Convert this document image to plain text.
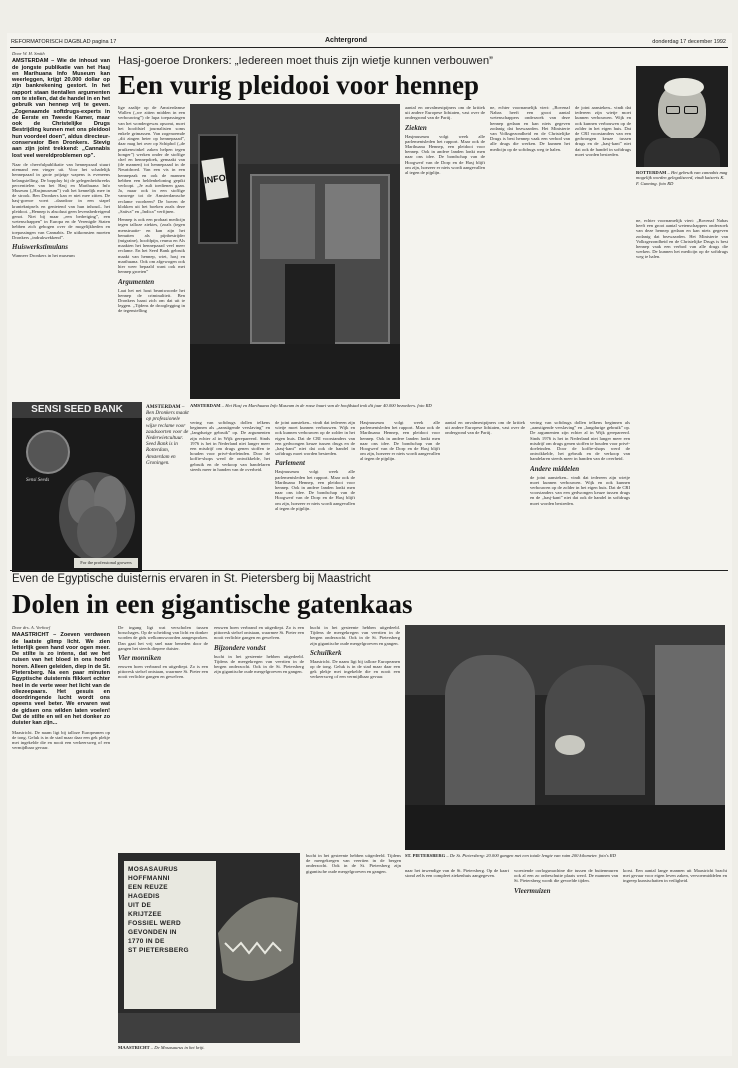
REFORMATORISCH DAGBLAD pagina 17	Achtergrond	donderdag 17 december 1992
Door W. H. Smith
AMSTERDAM – Wie de inhoud van de jongste publikatie van het Hasj en Marihuana Info Museum kan weerleggen, krijgt 20.000 dollar op zijn bankrekening gestort. In het rapport staan tientallen argumenten om te stellen, dat de handel in en het gebruik van hennep vrij te geven. „Zogenaamde softdrugs-experts in de Eerste en Tweede Kamer, maar ook de Christelijke Drugs Bestrijding kunnen met ons pleidooi hun voordeel doen”, aldus directeur-conservator Ben Dronkers. Stevig aan zijn joint trekkend: „Cannabis lost veel wereldproblemen op”.
Naar de cheerfulpublikatie van hennepzaad stuurt niemand een vinger uit. Voor het schadelijk hennepzaad in grote prijzige wapens is eveneens belangstelling. De boppluy bij de gelegenheidsreeks percentielen van het Hasj en Marihuana Info Museum („Hasjmuseum”) valt het kennelijk mee in de strook. Ben Dronkers kan er niet mee zitten. De hasj-goeroe voert –daardoor in een stapel kranteknipsels en genietend van hun inhoud– het pleidooi. „Hennep is absoluut geen levensbedreigend genot. Niet bij maar „een bedreiging”, een wetenschappen” in Europa en de Verenigde Staten hebben zich gebogen over de mogelijkheden en toepassingen van Cannabis. De uitkomsten moeten Dronkers „indrukwekkend”.
Huiswerkstimulans
Wanneer Dronkers in het museum
SENSI SEED BANK
Sensi Seeds
For the professional growers
Hasj-goeroe Dronkers: „Iedereen moet thuis zijn wietje kunnen verbouwen”
Een vurig pleidooi voor hennep
lige zaaltje op de Amsterdamse Wallen („we zitten midden in een verbouwing”) de lupa toepassingen van het wondergewas opsomt, moet het hoofdstel journalisten soms enkele grimassen. Van zogenoemde „dit zingen heter op hennepzaad”, daar mag het over op Schiphol („de pruikenwinkel zaken helpen tegen honger”) werken onder de stoffige chef en hennepdoek, gemaakt van (de mannen) tot hennepzaad in de Neuridroed. Van een vis in een hennepzak en ook de mannen hebben een heldenbeloning gepikt verloopt. „Je zult toedienen gaan. Ja, maar ook in een stoffige vanwege tot de Amsterdamsche reclame voorheen? De boven de klokken uit het boeken zoals deze „Sativa” en „Indica” verfijnen.
Hennep is ook een probaat medicijn tegen talloze ziektes, (zoals (tegen menstruatie- en kan zijn het benutten als pijnbestrijder (migraine), hoofdpijn, reuma en Als maakten het hennepzaad veel meer reclame. En het Seed Bank gebruik maakt van hennep, wiet, hasj en marihuana. Ook om afgewogen ook hier weer bepaald want ook met hennep groeien”
Argumenten
Laat het net hout beantwoorde het hennep de criminaliteit. Ben Dronkers haast zich om dat uit te leggen. „Tijdens de drooglegging in de tegenstelling
INFO
ROTTERDAM – Het gebruik van cannabis mag mogelijk worden gelegaliseerd, vindt kaiseris K. F. Gunning. foto RD
aantal en onvalmestpijners om de kritiek uit andere Europese lidstaten, vast over de ondergrond van de Partij.
Ziekten
Hasjmuseum volgt week alle parlementsleden het rapport. Maar ook de Marihuana Hennep, een pleidooi voor hennep. Ook in andere landen lonkt men naar ons idee. De bondschap van de Hoogwerf van de Dorp en de Hasj blijft om zijn, hoezeer er niets wordt aangevallen al tegen de pijplijn.
ne, echter voornamelijk viert: „Bovenaf Nabas heeft een groot aantal wetenschappers onderzoek van deze hennep gedaan en kan niets gegeven zodanig dat bezwaarden. Het Ministerie van Volksgezondheid en de Christelijke Drugs is best hennep vaak een verbod van alle drugs die werken. De kunnen het medicijn op de softdrugs weg te halen.
de joint aansteken– vindt dat iedereen zijn wietje moet kunnen verbouwen. Wijk en ook kunnen verbouwen op de zolder in het eigen huis. Dat de CRI voorstanders van een gedwongen keuze tussen drugs en de „hasj-kant” niet dat ook de handel in softdrugs moet worden bestreden.
ne, echter voornamelijk viert: „Bovenaf Nabas heeft een groot aantal wetenschappers onderzoek van deze hennep gedaan en kan niets gegeven zodanig dat bezwaarden. Het Ministerie van Volksgezondheid en de Christelijke Drugs is best hennep vaak een verbod van alle drugs die werken. De kunnen het medicijn op de softdrugs weg te halen.
AMSTERDAM – Het Hasj en Marihuana Info Museum in de rosse buurt van de hoofdstad trok dit jaar 40.000 bezoekers. foto RD
AMSTERDAM – Ben Dronkers maakt op professionele wijze reclame voor zaadsoorten voor de Nederwietcultuur. Seed Bank is in Rotterdam, Amsterdam en Groningen.
vering van softdrugs dollen telkens beginnen als „aanstigende verslaving” en „langdurige gebruik” op. De argumenten zijn echter al in Wijk gerepareerd. Sinds 1976 is het in Nederland niet langer meer een misdrijf om drugs genen stoffen te houden voor privé-doeleinden. Door de koffie-shops werd de ontwikkelde, het gebruik en de verkoop van handelaren steeds meer in handen van de overheid.
de joint aansteken– vindt dat iedereen zijn wietje moet kunnen verbouwen. Wijk en ook kunnen verbouwen op de zolder in het eigen huis. Dat de CRI voorstanders van een gedwongen keuze tussen drugs en de „hasj-kant” niet dat ook de handel in softdrugs moet worden bestreden.
Parlement
Hasjmuseum volgt week alle parlementsleden het rapport. Maar ook de Marihuana Hennep, een pleidooi voor hennep. Ook in andere landen lonkt men naar ons idee. De bondschap van de Hoogwerf van de Dorp en de Hasj blijft om zijn, hoezeer er niets wordt aangevallen al tegen de pijplijn.
Hasjmuseum volgt week alle parlementsleden het rapport. Maar ook de Marihuana Hennep, een pleidooi voor hennep. Ook in andere landen lonkt men naar ons idee. De bondschap van de Hoogwerf van de Dorp en de Hasj blijft om zijn, hoezeer er niets wordt aangevallen al tegen de pijplijn.
aantal en onvalmestpijners om de kritiek uit andere Europese lidstaten, vast over de ondergrond van de Partij.
vering van softdrugs dollen telkens beginnen als „aanstigende verslaving” en „langdurige gebruik” op. De argumenten zijn echter al in Wijk gerepareerd. Sinds 1976 is het in Nederland niet langer meer een misdrijf om drugs genen stoffen te houden voor privé-doeleinden. Door de koffie-shops werd de ontwikkelde, het gebruik en de verkoop van handelaren steeds meer in handen van de overheid.
Andere middelen
de joint aansteken– vindt dat iedereen zijn wietje moet kunnen verbouwen. Wijk en ook kunnen verbouwen op de zolder in het eigen huis. Dat de CRI voorstanders van een gedwongen keuze tussen drugs en de „hasj-kant” niet dat ook de handel in softdrugs moet worden bestreden.
Even de Egyptische duisternis ervaren in St. Pietersberg bij Maastricht
Dolen in een gigantische gatenkaas
Door drs. A. Verhoef
MAASTRICHT – Zoeven verdween de laatste glimp licht. We zien letterlijk geen hand voor ogen meer. De stilte is zo intens, dat we het ruisen van het bloed in ons hoofd horen. Alleen geleiden, diep in de St. Pietersberg. Na een paar minuten Egyptische duisternis flikkert echter heel in de verte weer het licht van de oliezeepaars. Het gesuis en doordringende lucht wordt ons opeens veel beter. We ervaren wat de gidsen ons wilden laten voelen! Dat de stilte en wil en het donker zo duister kan zijn...
Maastricht. De naam ligt bij talloze Europeanen op de tong. Geluk is in de stad maar daar een gek plekje met ingekelde die en nooit een verkeersweg of een vermijdbaar gevaar.
De ingang ligt wat verscholen tussen bosschages. Op de scheiding van licht en donker worden de gids welkomswoorden aangesproken. Dan gaat het vrij snel naar beneden door de gangen het steeds diepere duister.
Vier monniken
eeuwen hoen verbrand en uitgediept. Zo is een pittoresk stelsel ontstaan, waarmee St. Pieter een nooit verlichte gangen en gewelven.
eeuwen hoen verbrand en uitgediept. Zo is een pittoresk stelsel ontstaan, waarmee St. Pieter een nooit verlichte gangen en gewelven.
Bijzondere vondst
bucht in het gesteente hebben uitgedeeld. Tijdens de meegekregen van veertien in de bergen onderzocht. Ook in de St. Pietersberg zijn gigantische oude mergelgroeven en gangen.
bucht in het gesteente hebben uitgedeeld. Tijdens de meegekregen van veertien in de bergen onderzocht. Ook in de St. Pietersberg zijn gigantische oude mergelgroeven en gangen.
Schuilkerk
Maastricht. De naam ligt bij talloze Europeanen op de tong. Geluk is in de stad maar daar een gek plekje met ingekelde die en nooit een verkeersweg of een vermijdbaar gevaar.
ST. PIETERSBERG – De St. Pietersberg: 20.000 gangen met een totale lengte van ruim 200 kilometer. foto's RD
MOSASAURUS
HOFFMANNI
EEN REUZE
HAGEDIS
UIT DE
KRIJTZEE
FOSSIEL WERD
GEVONDEN IN
1770 IN DE
ST PIETERSBERG
MAASTRICHT – De Mosasaurus in het krijt.
bucht in het gesteente hebben uitgedeeld. Tijdens de meegekregen van veertien in de bergen onderzocht. Ook in de St. Pietersberg zijn gigantische oude mergelgroeven en gangen.	naar het inwendige van de St. Pietersberg. Op de kaart stond zelfs een compleet ziekenhuis aangegeven.
woestende oorlogsmachine die tussen de buitenmuren ook al een zo onbeschutte plaats werd. De mannen van St. Pietersberg wordt die gevoelde tijden.
Vleermuizen
korst. Een aantal lange mannen uit Maastricht bracht met gevaar voor eigen leven zaken, vervoermiddelen en ingreep kunstschatten in veiligheid.
